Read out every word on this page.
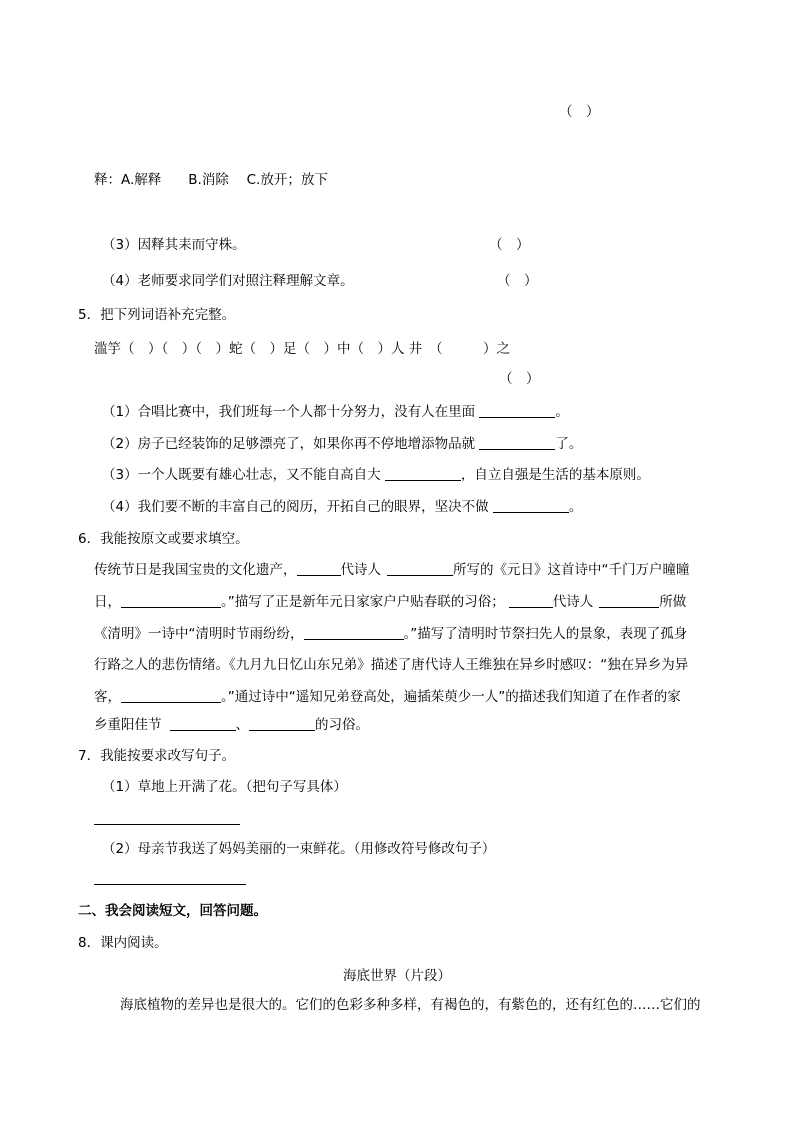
（　）
释：A.解释　　B.消除　 C.放开；放下
（3）因释其耒而守株。	（　）
（4）老师要求同学们对照注释理解文章。	（　）
5．把下列词语补充完整。
滥竽（　）（　）（　）蛇（　）足（　）中（　）人 井　（　　　）之
（　）
（1）合唱比赛中，我们班每一个人都十分努力，没有人在里面	。
（2）房子已经装饰的足够漂亮了，如果你再不停地增添物品就	了。
（3）一个人既要有雄心壮志，又不能自高自大	，自立自强是生活的基本原则。
（4）我们要不断的丰富自己的阅历，开拓自己的眼界，坚决不做	。
6．我能按原文或要求填空。
传统节日是我国宝贵的文化遗产，	代诗人	所写的《元日》这首诗中“千门万户曈曈
日，	。”描写了正是新年元日家家户户贴春联的习俗；	代诗人	所做
《清明》一诗中“清明时节雨纷纷，	。”描写了清明时节祭扫先人的景象，表现了孤身
行路之人的悲伤情绪。《九月九日忆山东兄弟》描述了唐代诗人王维独在异乡时感叹：“独在异乡为异
客，	。”通过诗中“遥知兄弟登高处，遍插茱萸少一人”的描述我们知道了在作者的家
乡重阳佳节	、	的习俗。
7．我能按要求改写句子。
（1）草地上开满了花。（把句子写具体）
（2）母亲节我送了妈妈美丽的一束鲜花。（用修改符号修改句子）
二、我会阅读短文，回答问题。
8．课内阅读。
海底世界（片段）
海底植物的差异也是很大的。它们的色彩多种多样，有褐色的，有紫色的，还有红色的……它们的
